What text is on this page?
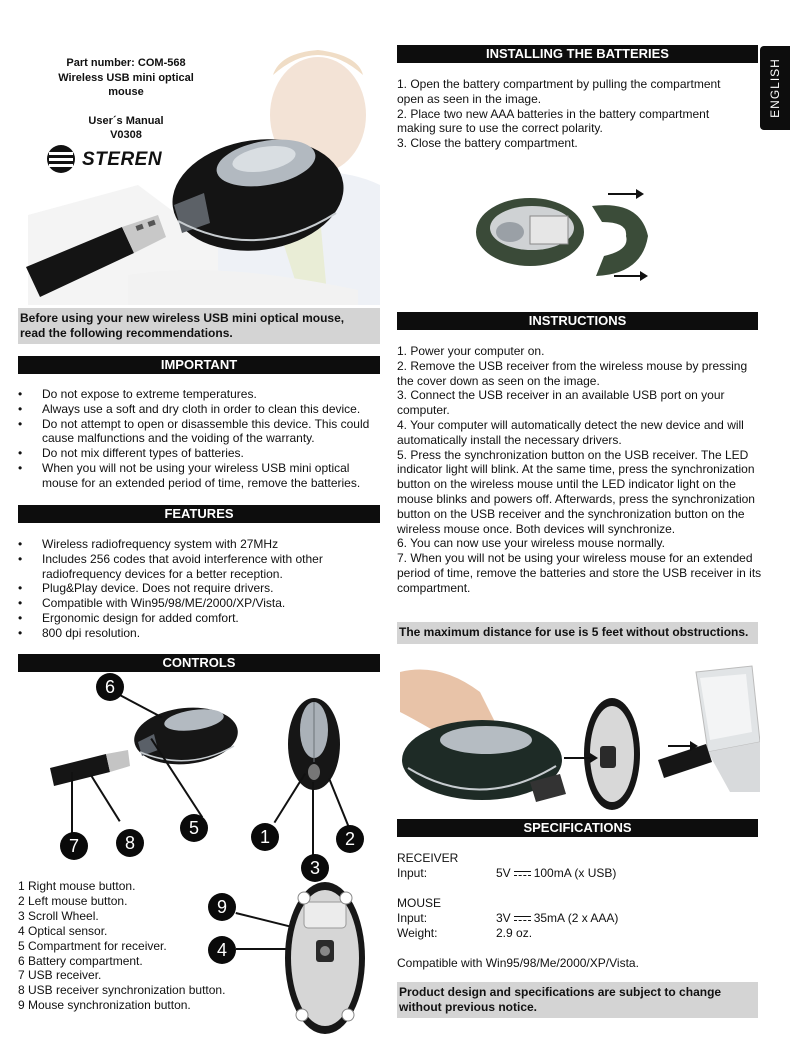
Part number: COM-568
Wireless USB mini optical
mouse
User´s Manual
V0308
STEREN
Before using your new wireless USB mini optical mouse,
read the following recommendations.
IMPORTANT
• Do not expose to extreme temperatures.
• Always use a soft and dry cloth in order to clean this device.
• Do not attempt to open or disassemble this device. This could cause malfunctions and the voiding of the warranty.
• Do not mix different types of batteries.
• When you will not be using your wireless USB mini optical mouse for an extended period of time, remove the batteries.
FEATURES
• Wireless radiofrequency system with 27MHz
• Includes 256 codes that avoid interference with other radiofrequency devices for a better reception.
• Plug&Play device. Does not require drivers.
• Compatible with Win95/98/ME/2000/XP/Vista.
• Ergonomic design for added comfort.
• 800 dpi resolution.
CONTROLS
6
5
7	8	1	2
3
9
4
1 Right mouse button.
2 Left mouse button.
3 Scroll Wheel.
4 Optical sensor.
5 Compartment for receiver.
6 Battery compartment.
7 USB receiver.
8 USB receiver synchronization button.
9 Mouse synchronization button.
ENGLISH
INSTALLING THE BATTERIES
1. Open the battery compartment by pulling the compartment open as seen in the image.
2. Place two new AAA batteries in the battery compartment making sure to use the correct polarity.
3. Close the battery compartment.
INSTRUCTIONS
1. Power your computer on.
2. Remove the USB receiver from the wireless mouse by pressing the cover down as seen on the image.
3. Connect the USB receiver in an available USB port on your computer.
4. Your computer will automatically detect the new device and will automatically install the necessary drivers.
5. Press the synchronization button on the USB receiver. The LED indicator light will blink. At the same time, press the synchronization button on the wireless mouse until the LED indicator light on the mouse blinks and powers off. Afterwards, press the synchronization button on the USB receiver and the synchronization button on the wireless mouse once. Both devices will synchronize.
6. You can now use your wireless mouse normally.
7. When you will not be using your wireless mouse for an extended period of time, remove the batteries and store the USB receiver in its compartment.
The maximum distance for use is 5 feet without obstructions.
SPECIFICATIONS
RECEIVER
Input:	5V 100mA (x USB)
MOUSE
Input:	3V 35mA (2 x AAA)
Weight:	2.9 oz.
Compatible with Win95/98/Me/2000/XP/Vista.
Product design and specifications are subject to change
without previous notice.
